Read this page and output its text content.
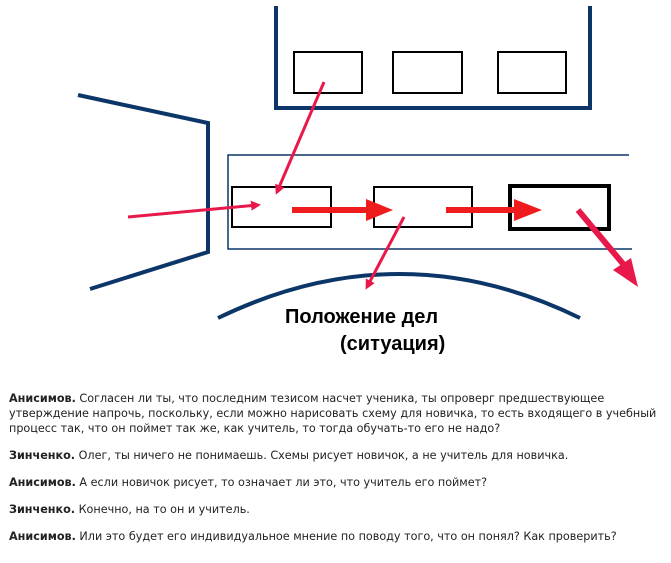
Положение дел
(ситуация)

Анисимов. Согласен ли ты, что последним тезисом насчет ученика, ты опроверг предшествующее утверждение напрочь, поскольку, если можно нарисовать схему для новичка, то есть входящего в учебный процесс так, что он поймет так же, как учитель, то тогда обучать-то его не надо?

Зинченко. Олег, ты ничего не понимаешь. Схемы рисует новичок, а не учитель для новичка.

Анисимов. А если новичок рисует, то означает ли это, что учитель его поймет?

Зинченко. Конечно, на то он и учитель.

Анисимов. Или это будет его индивидуальное мнение по поводу того, что он понял? Как проверить?
